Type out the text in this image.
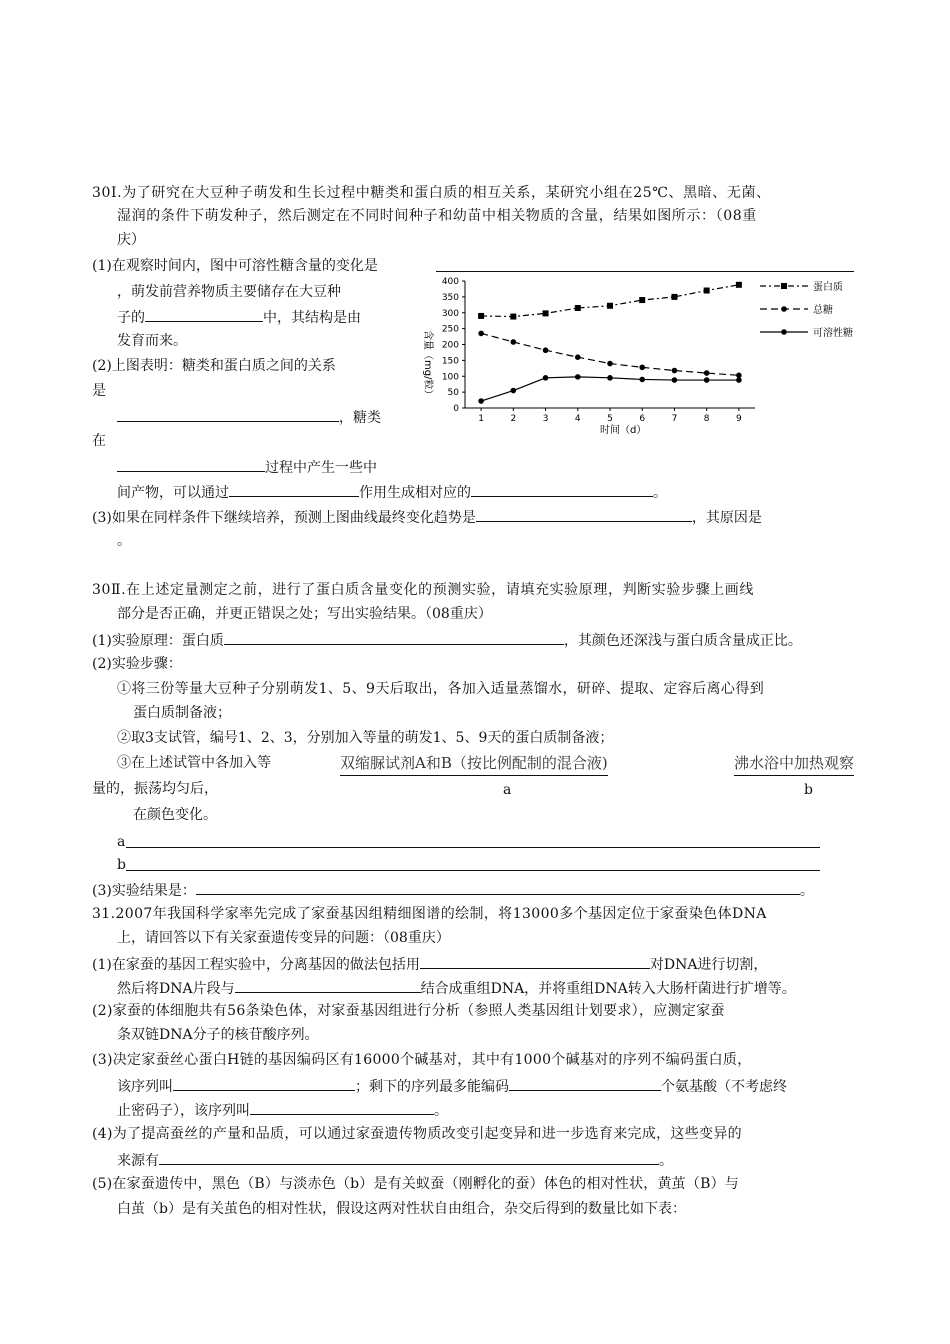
30Ⅰ.为了研究在大豆种子萌发和生长过程中糖类和蛋白质的相互关系，某研究小组在25℃、黑暗、无菌、
湿润的条件下萌发种子，然后测定在不同时间种子和幼苗中相关物质的含量，结果如图所示：（08重
庆）
(1)在观察时间内，图中可溶性糖含量的变化是
，萌发前营养物质主要储存在大豆种
子的	中，其结构是由
发育而来。
(2)上图表明：糖类和蛋白质之间的关系
是
，糖类
在
过程中产生一些中
间产物，可以通过	作用生成相对应的	。
(3)如果在同样条件下继续培养，预测上图曲线最终变化趋势是	，其原因是
。
含量（mg/粒）
0
50
100
150
200
250
300
350
400
1	2	3	4	5	6	7	8	9
蛋白质
总糖
可溶性糖
时间（d）
30Ⅱ.在上述定量测定之前，进行了蛋白质含量变化的预测实验，请填充实验原理，判断实验步骤上画线
部分是否正确，并更正错误之处；写出实验结果。（08重庆）
(1)实验原理：蛋白质	，其颜色还深浅与蛋白质含量成正比。
(2)实验步骤：
①将三份等量大豆种子分别萌发1、5、9天后取出，各加入适量蒸馏水，研碎、提取、定容后离心得到
蛋白质制备液；
②取3支试管，编号1、2、3，分别加入等量的萌发1、5、9天的蛋白质制备液；
③在上述试管中各加入等	双缩脲试剂A和B（按比例配制的混合液)
a
沸水浴中加热观察
b
量的，振荡均匀后，
在颜色变化。
a
b
(3)实验结果是：	。
31.2007年我国科学家率先完成了家蚕基因组精细图谱的绘制，将13000多个基因定位于家蚕染色体DNA
上，请回答以下有关家蚕遗传变异的问题：（08重庆）
(1)在家蚕的基因工程实验中，分离基因的做法包括用	对DNA进行切割，
然后将DNA片段与	结合成重组DNA，并将重组DNA转入大肠杆菌进行扩增等。
(2)家蚕的体细胞共有56条染色体，对家蚕基因组进行分析（参照人类基因组计划要求），应测定家蚕
条双链DNA分子的核苷酸序列。
(3)决定家蚕丝心蛋白H链的基因编码区有16000个碱基对，其中有1000个碱基对的序列不编码蛋白质，
该序列叫	；剩下的序列最多能编码	个氨基酸（不考虑终
止密码子），该序列叫	。
(4)为了提高蚕丝的产量和品质，可以通过家蚕遗传物质改变引起变异和进一步选育来完成，这些变异的
来源有	。
(5)在家蚕遗传中，黑色（B）与淡赤色（b）是有关蚁蚕（刚孵化的蚕）体色的相对性状，黄茧（B）与
白茧（b）是有关茧色的相对性状，假设这两对性状自由组合，杂交后得到的数量比如下表：
